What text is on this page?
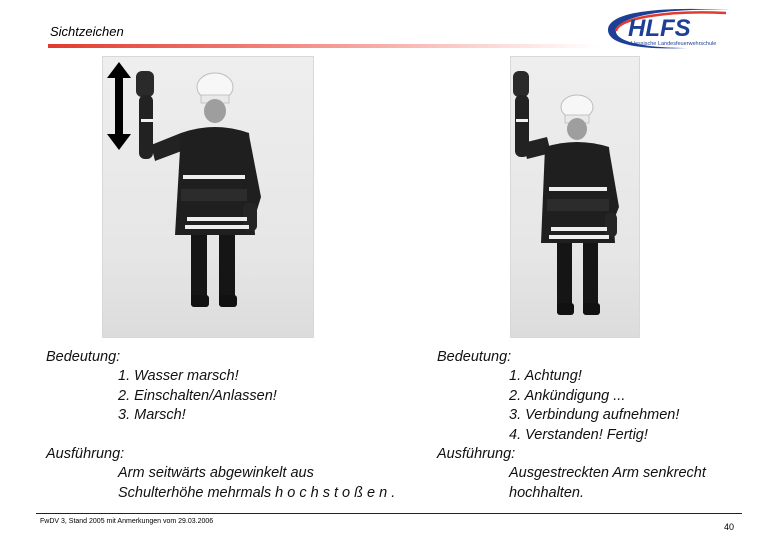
Sichtzeichen	HLFS
Hessische Landesfeuerwehrschule
Bedeutung:
1. Wasser marsch!
2. Einschalten/Anlassen!
3. Marsch!
Ausführung:
Arm seitwärts abgewinkelt aus
Schulterhöhe mehrmals h o c h s t o ß e n .
Bedeutung:
1. Achtung!
2. Ankündigung ...
3. Verbindung aufnehmen!
4. Verstanden! Fertig!
Ausführung:
Ausgestreckten Arm senkrecht
hochhalten.
FwDV 3, Stand 2005 mit Anmerkungen vom 29.03.2006
40
